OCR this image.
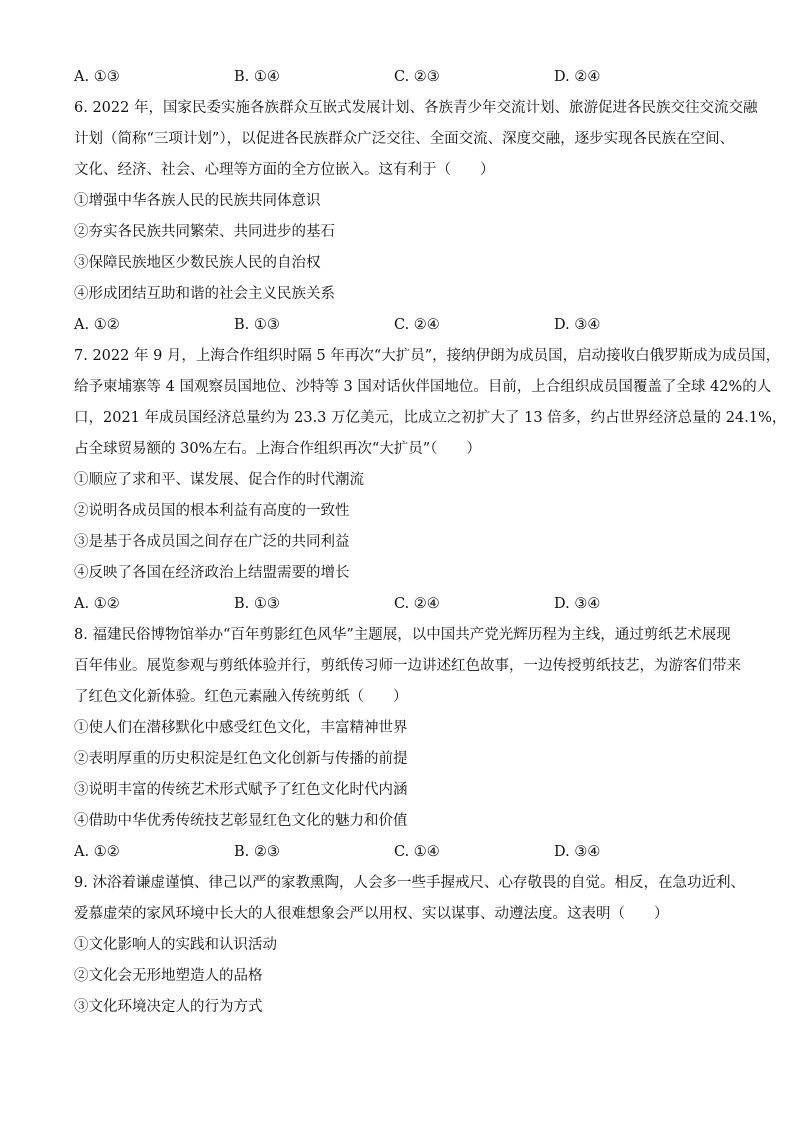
A. ①③	B. ①④	C. ②③	D. ②④
6. 2022 年，国家民委实施各族群众互嵌式发展计划、各族青少年交流计划、旅游促进各民族交往交流交融
计划（简称“三项计划”），以促进各民族群众广泛交往、全面交流、深度交融，逐步实现各民族在空间、
文化、经济、社会、心理等方面的全方位嵌入。这有利于（　　）
①增强中华各族人民的民族共同体意识
②夯实各民族共同繁荣、共同进步的基石
③保障民族地区少数民族人民的自治权
④形成团结互助和谐的社会主义民族关系
A. ①②	B. ①③	C. ②④	D. ③④
7. 2022 年 9 月，上海合作组织时隔 5 年再次“大扩员”，接纳伊朗为成员国，启动接收白俄罗斯成为成员国，
给予柬埔寨等 4 国观察员国地位、沙特等 3 国对话伙伴国地位。目前，上合组织成员国覆盖了全球 42%的人
口，2021 年成员国经济总量约为 23.3 万亿美元，比成立之初扩大了 13 倍多，约占世界经济总量的 24.1%，
占全球贸易额的 30%左右。上海合作组织再次“大扩员”（　　）
①顺应了求和平、谋发展、促合作的时代潮流
②说明各成员国的根本利益有高度的一致性
③是基于各成员国之间存在广泛的共同利益
④反映了各国在经济政治上结盟需要的增长
A. ①②	B. ①③	C. ②④	D. ③④
8. 福建民俗博物馆举办“百年剪影红色风华”主题展，以中国共产党光辉历程为主线，通过剪纸艺术展现
百年伟业。展览参观与剪纸体验并行，剪纸传习师一边讲述红色故事，一边传授剪纸技艺，为游客们带来
了红色文化新体验。红色元素融入传统剪纸（　　）
①使人们在潜移默化中感受红色文化，丰富精神世界
②表明厚重的历史积淀是红色文化创新与传播的前提
③说明丰富的传统艺术形式赋予了红色文化时代内涵
④借助中华优秀传统技艺彰显红色文化的魅力和价值
A. ①②	B. ②③	C. ①④	D. ③④
9. 沐浴着谦虚谨慎、律己以严的家教熏陶，人会多一些手握戒尺、心存敬畏的自觉。相反，在急功近利、
爱慕虚荣的家风环境中长大的人很难想象会严以用权、实以谋事、动遵法度。这表明（　　）
①文化影响人的实践和认识活动
②文化会无形地塑造人的品格
③文化环境决定人的行为方式
